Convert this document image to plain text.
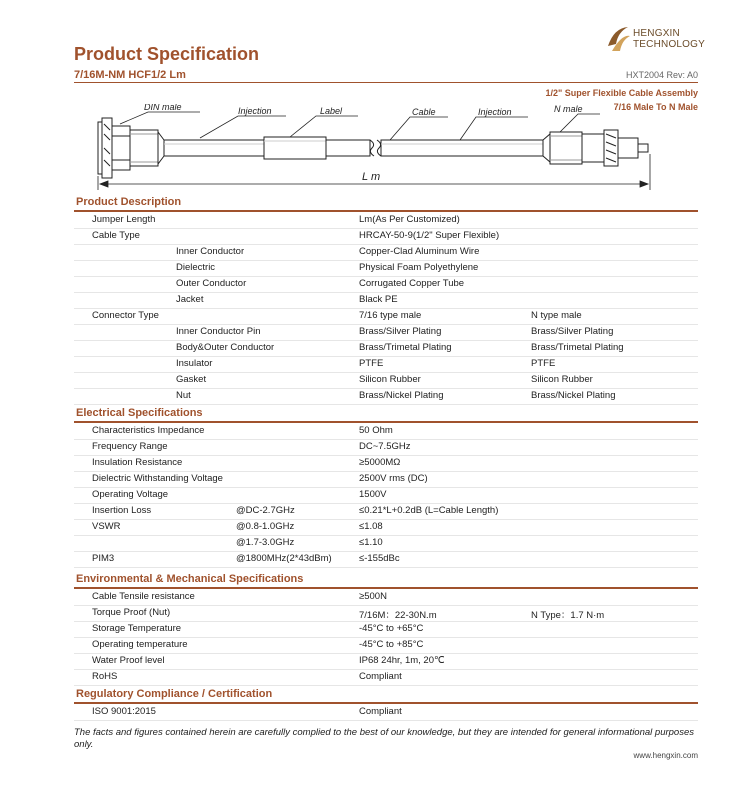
HENGXIN
TECHNOLOGY
Product Specification
7/16M-NM HCF1/2 Lm	HXT2004 Rev: A0
1/2" Super Flexible Cable Assembly
7/16 Male To N Male
DIN male	Injection	Label	Cable	Injection	N male
L m
Product Description
Jumper Length	Lm(As Per Customized)
Cable Type	HRCAY-50-9(1/2" Super Flexible)
Inner Conductor	Copper-Clad Aluminum Wire
Dielectric	Physical Foam Polyethylene
Outer Conductor	Corrugated Copper Tube
Jacket	Black PE
Connector Type	7/16 type male	N type male
Inner Conductor Pin	Brass/Silver Plating	Brass/Silver Plating
Body&Outer Conductor	Brass/Trimetal Plating	Brass/Trimetal Plating
Insulator	PTFE	PTFE
Gasket	Silicon Rubber	Silicon Rubber
Nut	Brass/Nickel Plating	Brass/Nickel Plating
Electrical Specifications
Characteristics Impedance	50 Ohm
Frequency Range	DC~7.5GHz
Insulation Resistance	≥5000MΩ
Dielectric Withstanding Voltage	2500V rms (DC)
Operating Voltage	1500V
Insertion Loss	@DC-2.7GHz	≤0.21*L+0.2dB (L=Cable Length)
VSWR	@0.8-1.0GHz	≤1.08
@1.7-3.0GHz	≤1.10
PIM3	@1800MHz(2*43dBm)	≤-155dBc
Environmental & Mechanical Specifications
Cable Tensile resistance	≥500N
Torque Proof (Nut)	7/16M：22-30N.m	N Type：1.7 N·m
Storage Temperature	-45°C to +65°C
Operating temperature	-45°C to +85°C
Water Proof level	IP68 24hr, 1m, 20℃
RoHS	Compliant
Regulatory Compliance / Certification
ISO 9001:2015	Compliant
The facts and figures contained herein are carefully complied to the best of our knowledge, but they are intended for general informational purposes only.
www.hengxin.com
